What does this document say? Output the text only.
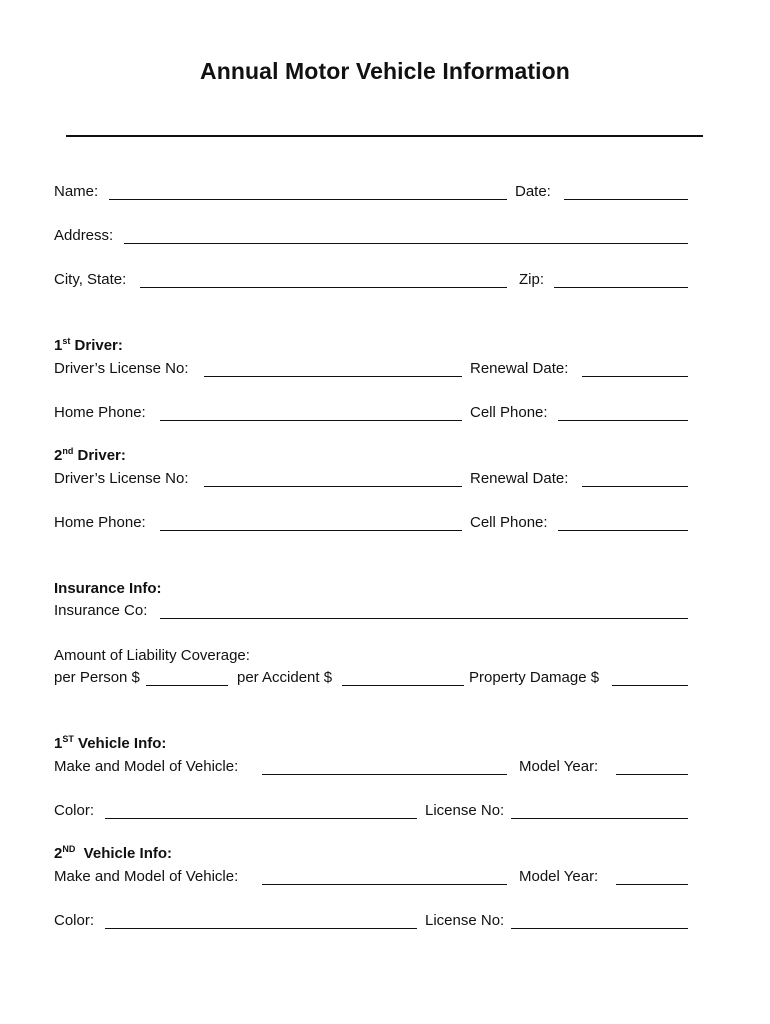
Annual Motor Vehicle Information
Name:	Date:
Address:
City, State:	Zip:
1st Driver:
Driver’s License No:	Renewal Date:
Home Phone:	Cell Phone:
2nd Driver:
Driver’s License No:	Renewal Date:
Home Phone:	Cell Phone:
Insurance Info:
Insurance Co:
Amount of Liability Coverage:
per Person $	per Accident $	Property Damage $
1ST Vehicle Info:
Make and Model of Vehicle:	Model Year:
Color:	License No:
2ND  Vehicle Info:
Make and Model of Vehicle:	Model Year:
Color:	License No:
